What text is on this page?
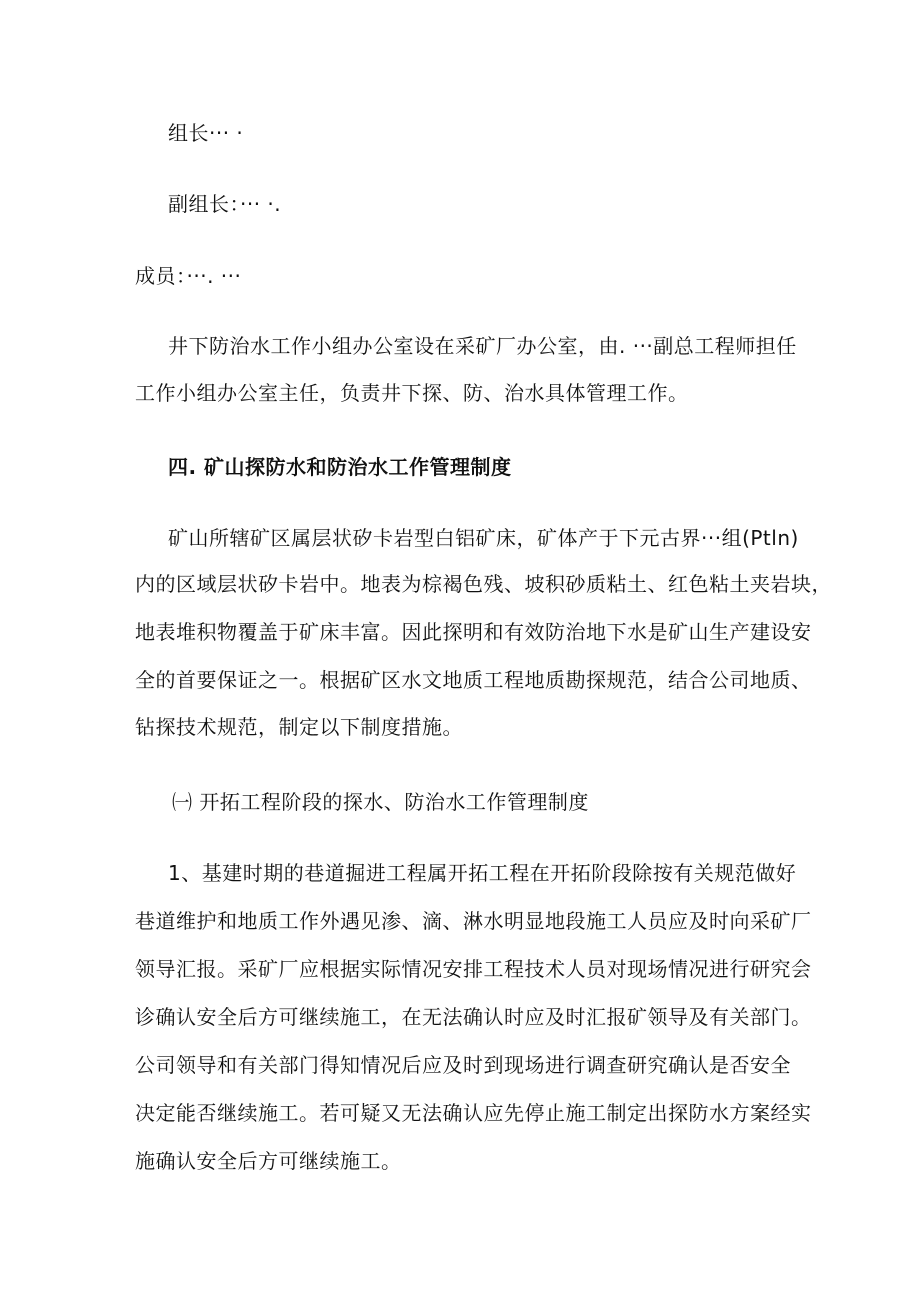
组长··· ·
副组长：··· ·.
成员：···. ···
井下防治水工作小组办公室设在采矿厂办公室，由. ···副总工程师担任
工作小组办公室主任，负责井下探、防、治水具体管理工作。
四. 矿山探防水和防治水工作管理制度
矿山所辖矿区属层状矽卡岩型白铝矿床，矿体产于下元古界···组(Ptln)
内的区域层状矽卡岩中。地表为棕褐色残、坡积砂质粘土、红色粘土夹岩块，
地表堆积物覆盖于矿床丰富。因此探明和有效防治地下水是矿山生产建设安
全的首要保证之一。根据矿区水文地质工程地质勘探规范，结合公司地质、
钻探技术规范，制定以下制度措施。
㈠ 开拓工程阶段的探水、防治水工作管理制度
1、基建时期的巷道掘进工程属开拓工程在开拓阶段除按有关规范做好
巷道维护和地质工作外遇见渗、滴、淋水明显地段施工人员应及时向采矿厂
领导汇报。采矿厂应根据实际情况安排工程技术人员对现场情况进行研究会
诊确认安全后方可继续施工，在无法确认时应及时汇报矿领导及有关部门。
公司领导和有关部门得知情况后应及时到现场进行调查研究确认是否安全
决定能否继续施工。若可疑又无法确认应先停止施工制定出探防水方案经实
施确认安全后方可继续施工。
